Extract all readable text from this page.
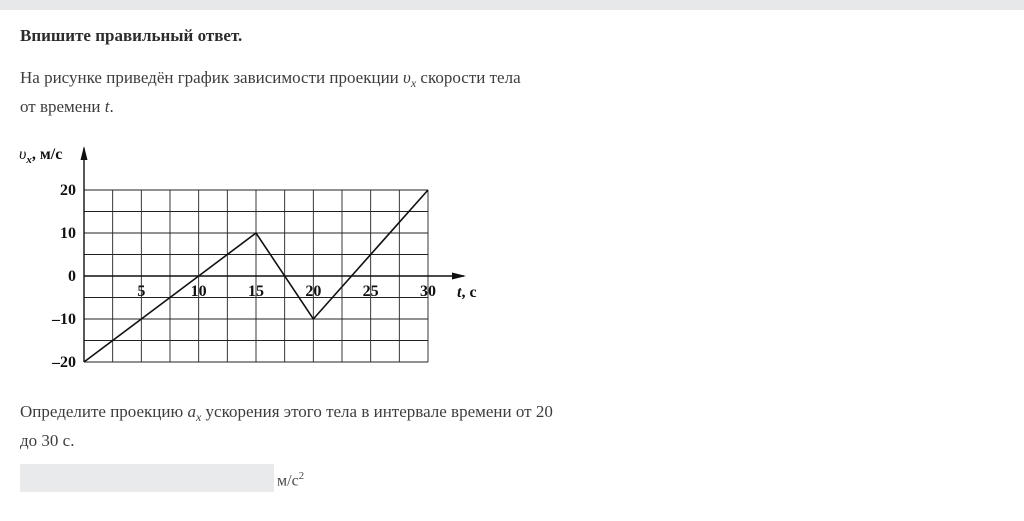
Впишите правильный ответ.

На рисунке приведён график зависимости проекции $\upsilon_x$ скорости тела
от времени t.

20
10
0
–10
–20
5	10	15	20	25	30
$\upsilon_x$, м/с
t, с

Определите проекцию $a_x$ ускорения этого тела в интервале времени от 20
до 30 с.

$м/с^2$
